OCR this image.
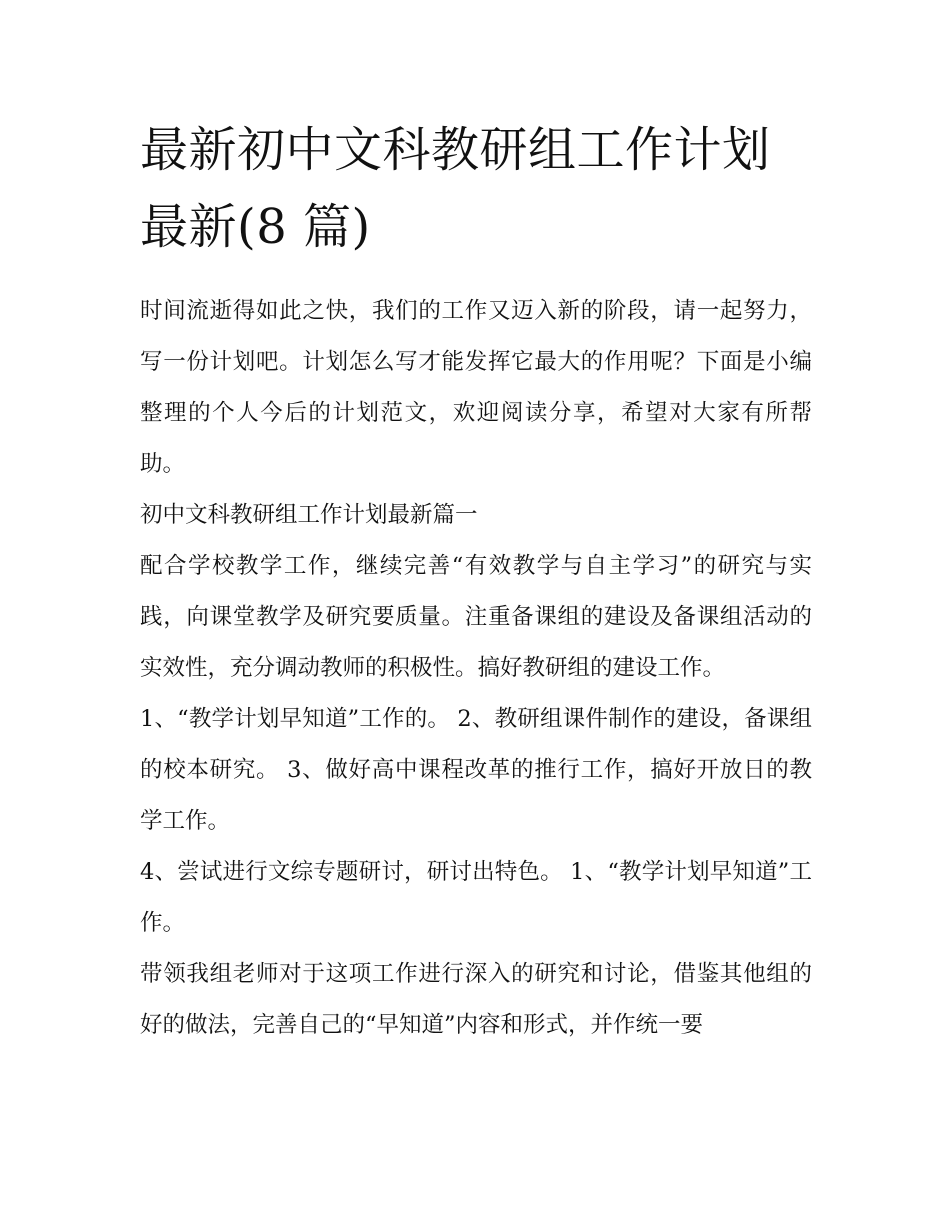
最新初中文科教研组工作计划
最新(8 篇)

时间流逝得如此之快，我们的工作又迈入新的阶段，请一起努力，写一份计划吧。计划怎么写才能发挥它最大的作用呢？下面是小编整理的个人今后的计划范文，欢迎阅读分享，希望对大家有所帮助。

初中文科教研组工作计划最新篇一

配合学校教学工作，继续完善“有效教学与自主学习”的研究与实践，向课堂教学及研究要质量。注重备课组的建设及备课组活动的实效性，充分调动教师的积极性。搞好教研组的建设工作。

1、“教学计划早知道”工作的。 2、教研组课件制作的建设，备课组的校本研究。 3、做好高中课程改革的推行工作，搞好开放日的教学工作。

4、尝试进行文综专题研讨，研讨出特色。 1、“教学计划早知道”工作。

带领我组老师对于这项工作进行深入的研究和讨论，借鉴其他组的好的做法，完善自己的“早知道”内容和形式，并作统一要
